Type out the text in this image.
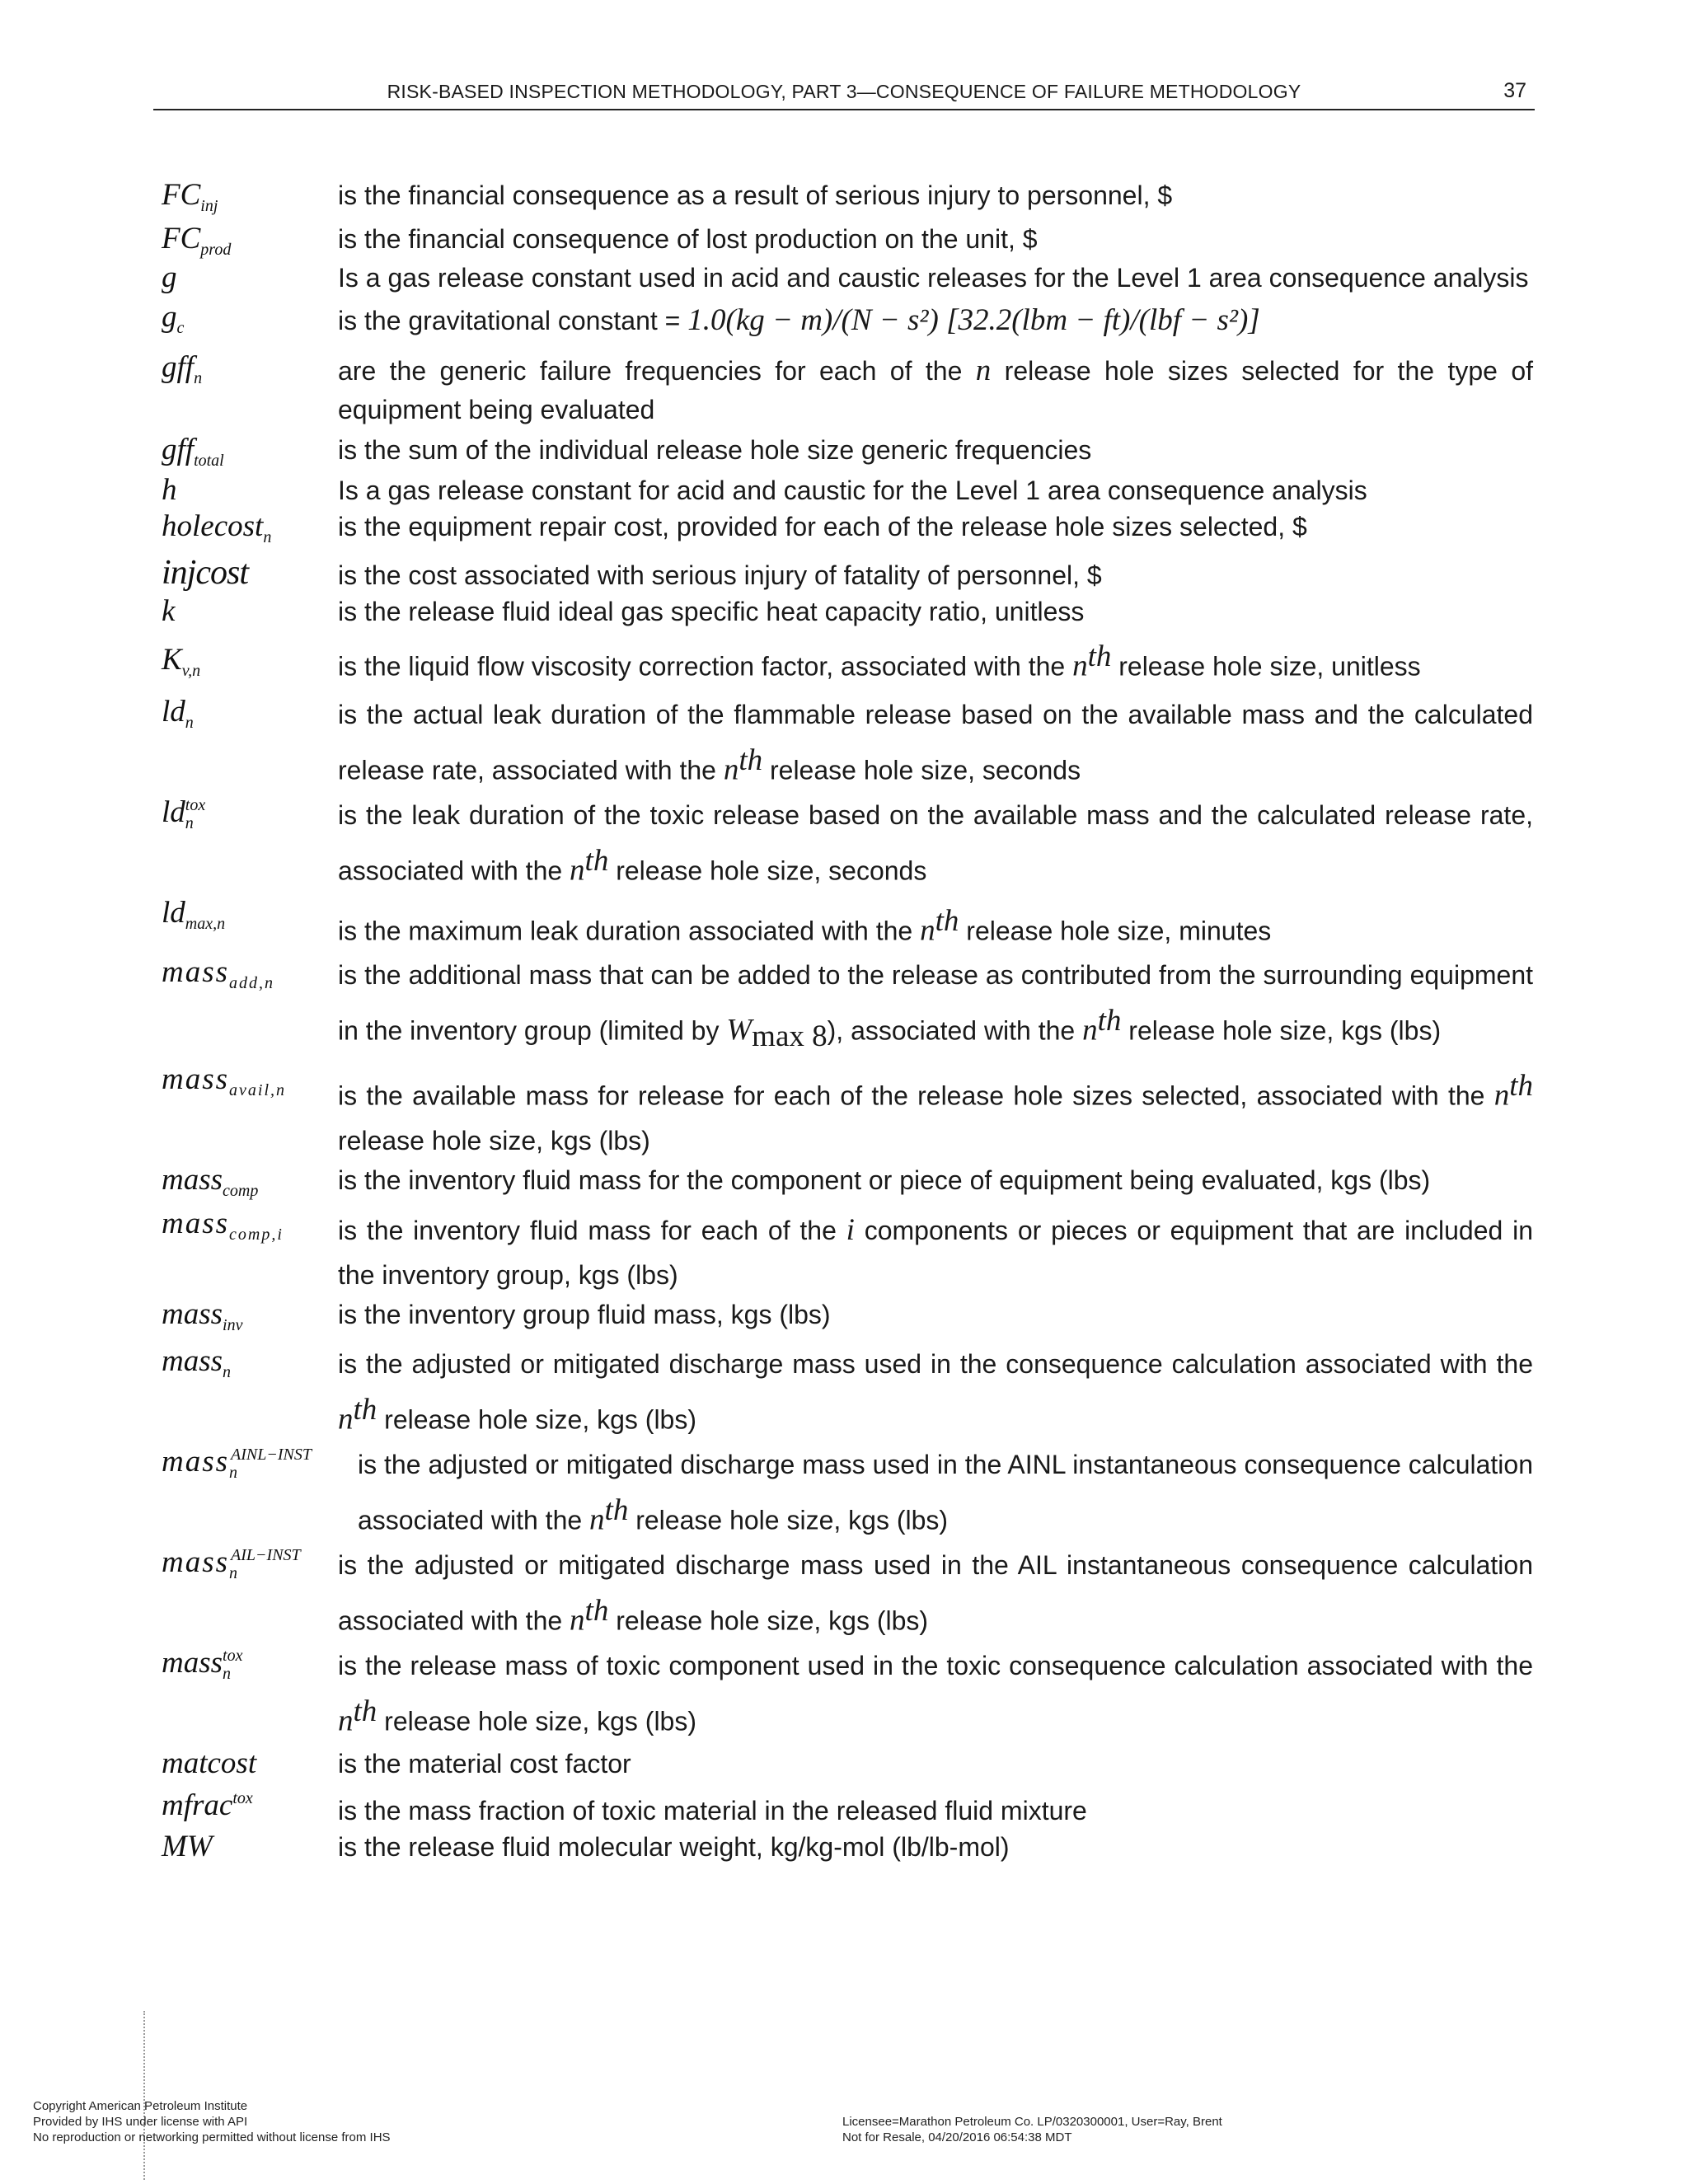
RISK-BASED INSPECTION METHODOLOGY, PART 3—CONSEQUENCE OF FAILURE METHODOLOGY	37
$FC_{inj}$	is the financial consequence as a result of serious injury to personnel, $
$FC_{prod}$	is the financial consequence of lost production on the unit, $
g	Is a gas release constant used in acid and caustic releases for the Level 1 area consequence analysis
$g_c$	is the gravitational constant = 1.0(kg − m)/(N − s²) [32.2(lbm − ft)/(lbf − s²)]
gff$_n$	are the generic failure frequencies for each of the n release hole sizes selected for the type of equipment being evaluated
gff$_{total}$	is the sum of the individual release hole size generic frequencies
h	Is a gas release constant for acid and caustic for the Level 1 area consequence analysis
holecost$_n$	is the equipment repair cost, provided for each of the release hole sizes selected, $
injcost	is the cost associated with serious injury of fatality of personnel, $
k	is the release fluid ideal gas specific heat capacity ratio, unitless
$K_{v,n}$	is the liquid flow viscosity correction factor, associated with the $n^{th}$ release hole size, unitless
$ld_n$	is the actual leak duration of the flammable release based on the available mass and the calculated release rate, associated with the $n^{th}$ release hole size, seconds
$ld_n^{tox}$	is the leak duration of the toxic release based on the available mass and the calculated release rate, associated with the $n^{th}$ release hole size, seconds
$ld_{max,n}$	is the maximum leak duration associated with the $n^{th}$ release hole size, minutes
mass$_{add,n}$	is the additional mass that can be added to the release as contributed from the surrounding equipment in the inventory group (limited by $W_{max 8}$), associated with the $n^{th}$ release hole size, kgs (lbs)
mass$_{avail,n}$	is the available mass for release for each of the release hole sizes selected, associated with the $n^{th}$ release hole size, kgs (lbs)
mass$_{comp}$	is the inventory fluid mass for the component or piece of equipment being evaluated, kgs (lbs)
mass$_{comp,i}$	is the inventory fluid mass for each of the i components or pieces or equipment that are included in the inventory group, kgs (lbs)
mass$_{inv}$	is the inventory group fluid mass, kgs (lbs)
mass$_n$	is the adjusted or mitigated discharge mass used in the consequence calculation associated with the $n^{th}$ release hole size, kgs (lbs)
mass$_n^{AINL-INST}$	is the adjusted or mitigated discharge mass used in the AINL instantaneous consequence calculation associated with the $n^{th}$ release hole size, kgs (lbs)
mass$_n^{AIL-INST}$	is the adjusted or mitigated discharge mass used in the AIL instantaneous consequence calculation associated with the $n^{th}$ release hole size, kgs (lbs)
mass$_n^{tox}$	is the release mass of toxic component used in the toxic consequence calculation associated with the $n^{th}$ release hole size, kgs (lbs)
matcost	is the material cost factor
mfrac$^{tox}$	is the mass fraction of toxic material in the released fluid mixture
MW	is the release fluid molecular weight, kg/kg-mol (lb/lb-mol)
Copyright American Petroleum Institute
Provided by IHS under license with API
No reproduction or networking permitted without license from IHS
Licensee=Marathon Petroleum Co. LP/0320300001, User=Ray, Brent
Not for Resale, 04/20/2016 06:54:38 MDT
